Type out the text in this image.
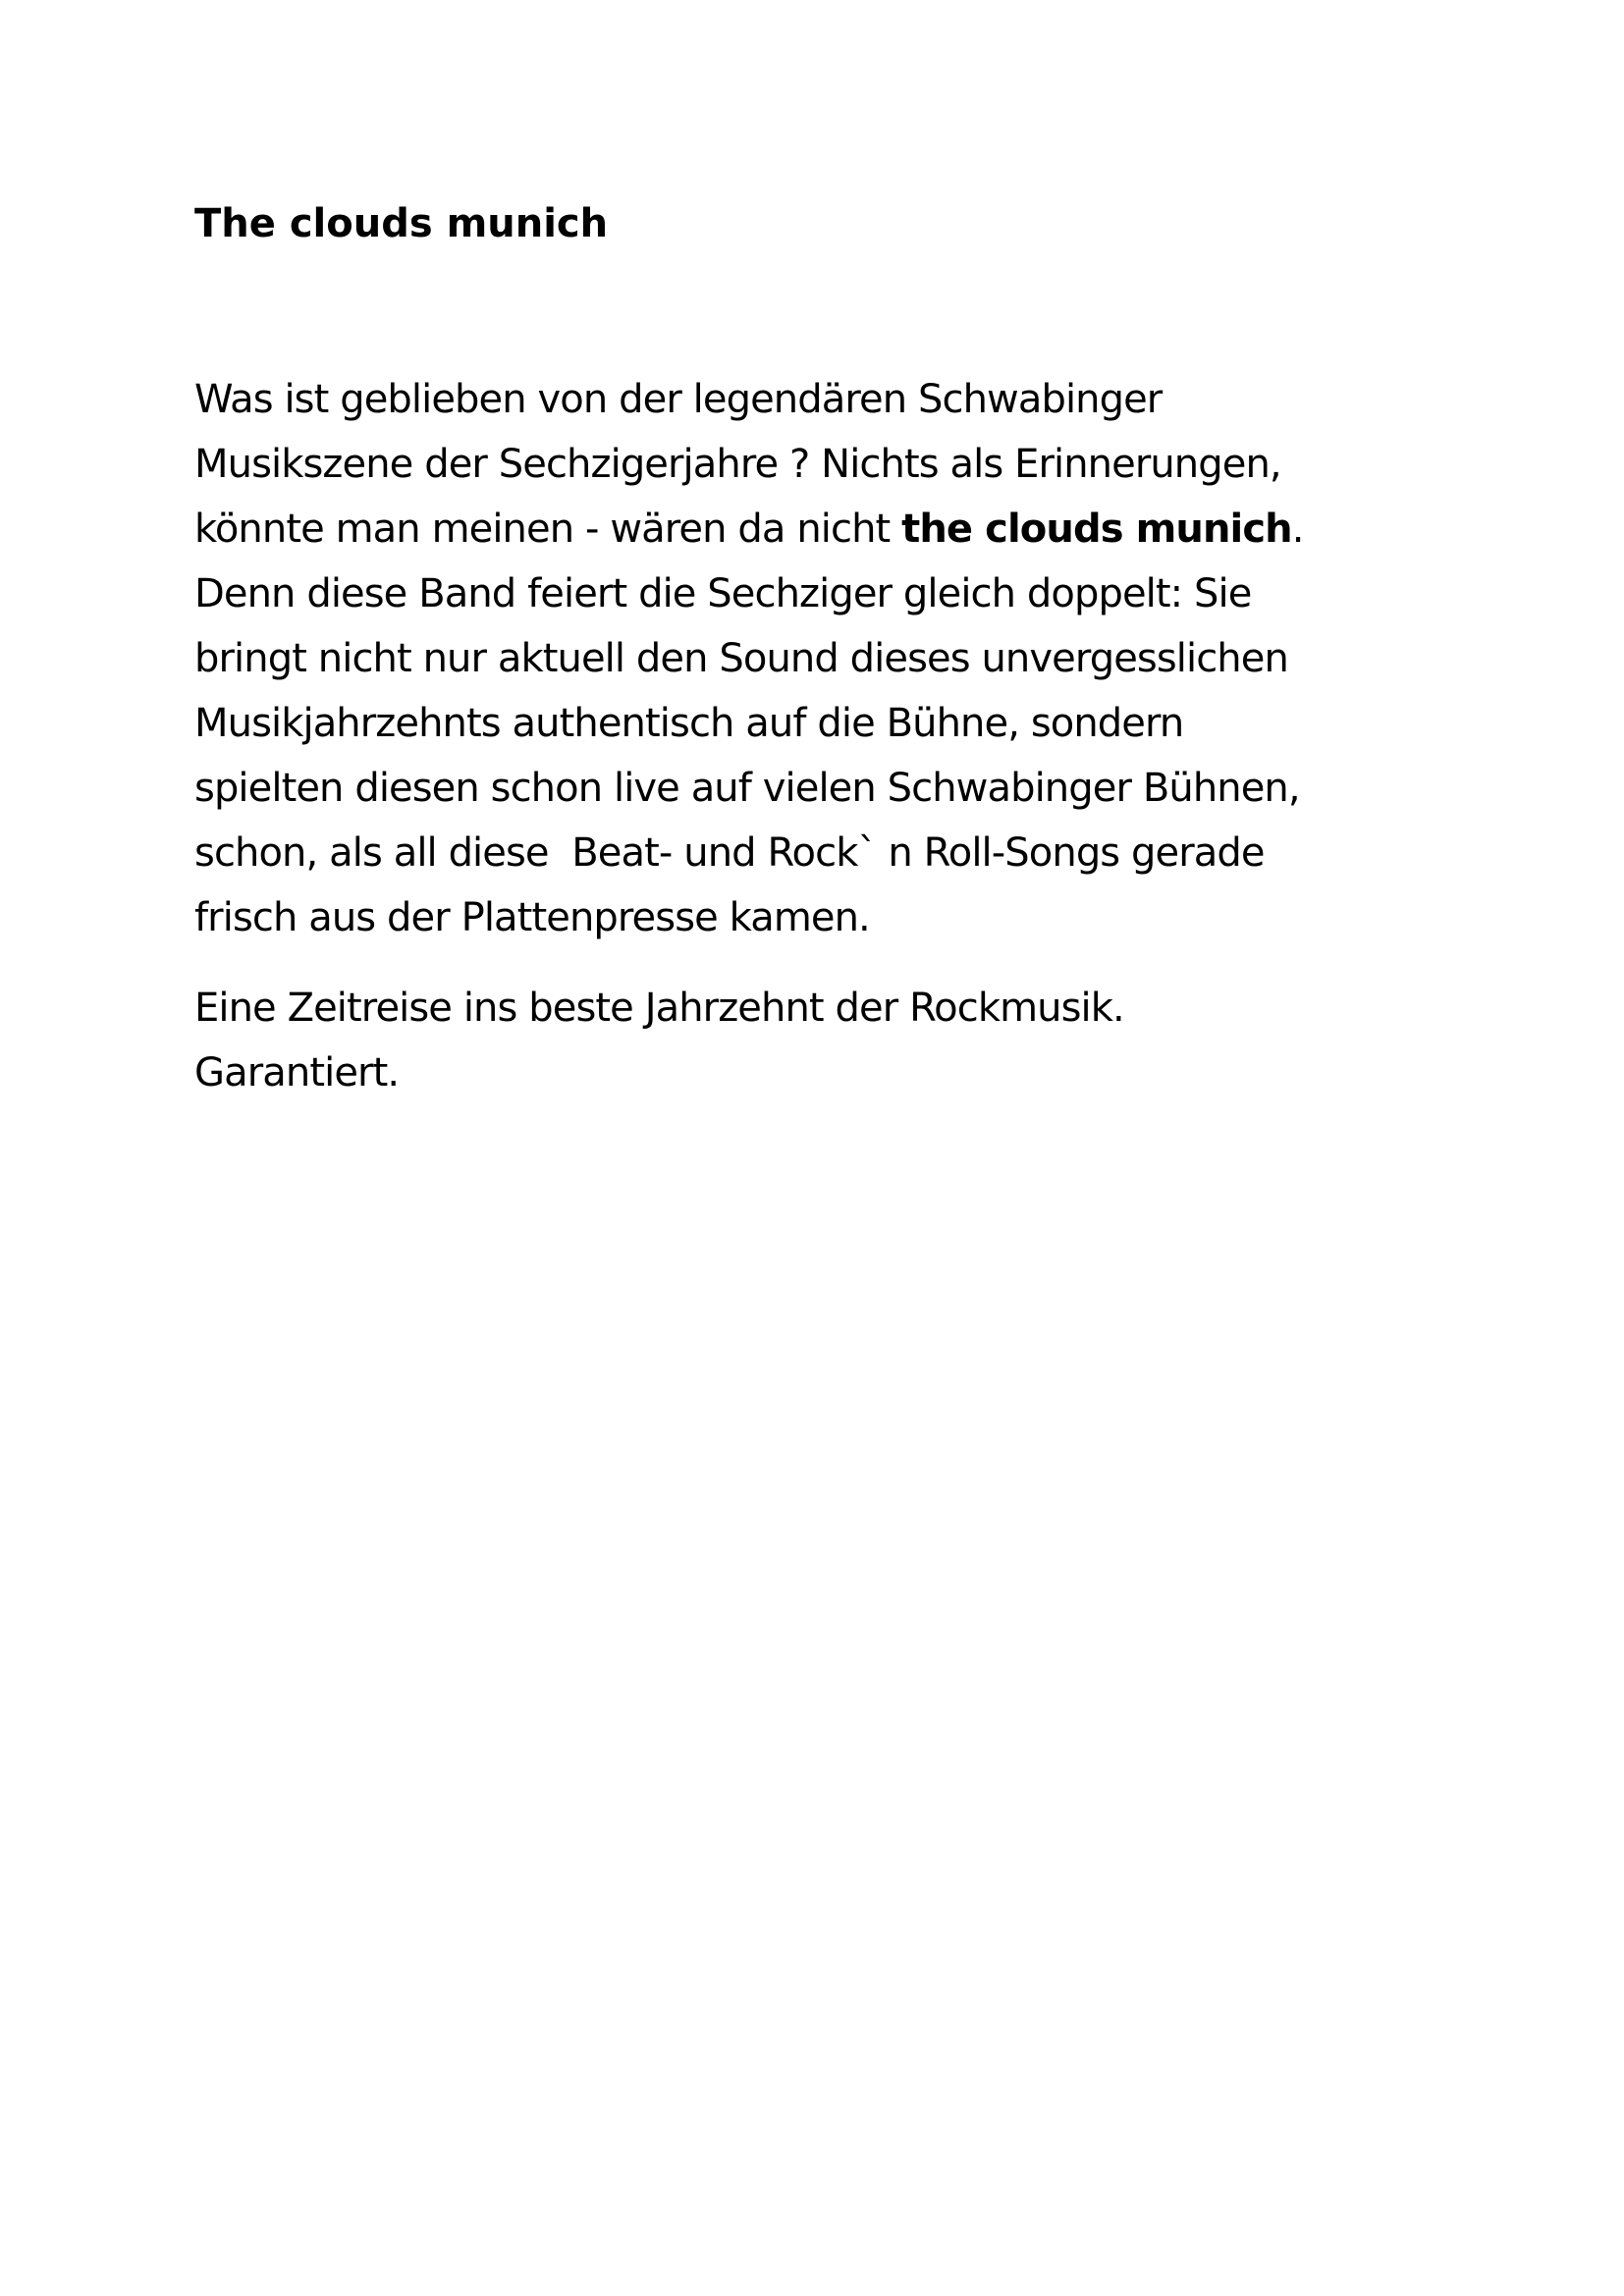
The clouds munich
Was ist geblieben von der legendären Schwabinger
Musikszene der Sechzigerjahre ? Nichts als Erinnerungen,
könnte man meinen - wären da nicht the clouds munich.
Denn diese Band feiert die Sechziger gleich doppelt: Sie
bringt nicht nur aktuell den Sound dieses unvergesslichen
Musikjahrzehnts authentisch auf die Bühne, sondern
spielten diesen schon live auf vielen Schwabinger Bühnen,
schon, als all diese  Beat- und Rock` n Roll-Songs gerade
frisch aus der Plattenpresse kamen.
Eine Zeitreise ins beste Jahrzehnt der Rockmusik.
Garantiert.
